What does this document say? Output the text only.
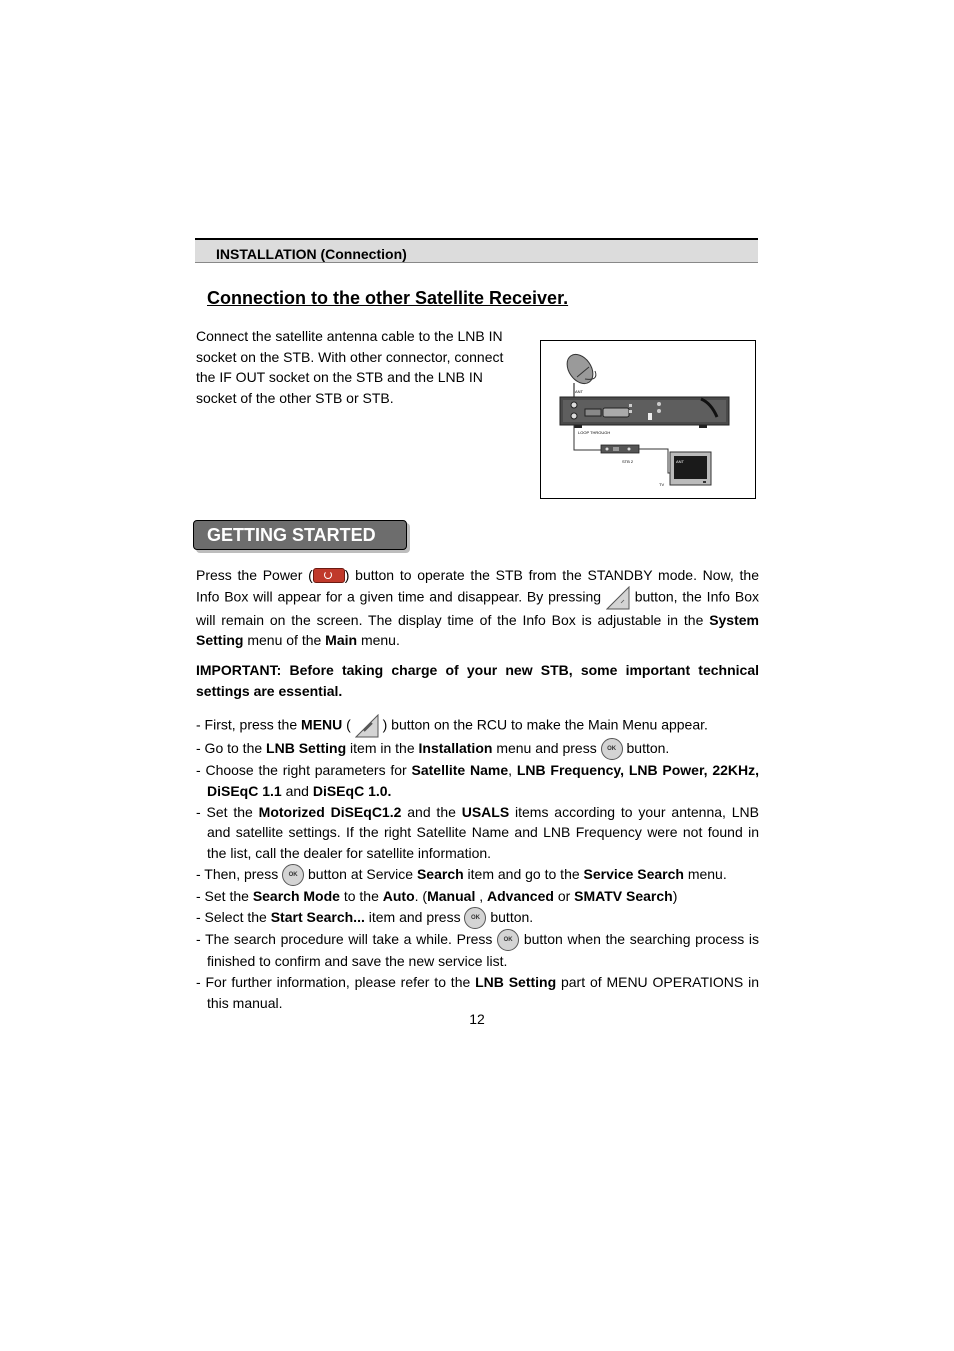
INSTALLATION (Connection)
Connection to the other Satellite Receiver.

Connect the satellite antenna cable to the LNB IN socket on the STB. With other connector, connect the IF OUT socket on the STB and the LNB IN socket of the other STB or STB.	ANT
LOOP THROUGH
STB 2	ANT
TV
GETTING STARTED

Press the Power ( ) button to operate the STB from the STANDBY mode. Now, the Info Box will appear for a given time and disappear. By pressing  button, the Info Box will remain on the screen. The display time of the Info Box is adjustable in the System Setting menu of the Main menu.

IMPORTANT: Before taking charge of your new STB, some important technical settings are essential.

- First, press the MENU (  ) button on the RCU to make the Main Menu appear.
- Go to the LNB Setting item in the Installation menu and press OK button.
- Choose the right parameters for Satellite Name, LNB Frequency, LNB Power, 22KHz, DiSEqC 1.1 and DiSEqC 1.0.
- Set the Motorized DiSEqC1.2 and the USALS items according to your antenna, LNB and satellite settings. If the right Satellite Name and LNB Frequency were not found in the list, call the dealer for satellite information.
- Then, press OK button at Service Search item and go to the Service Search menu.
- Set the Search Mode to the Auto. (Manual , Advanced or SMATV Search)
- Select the Start Search... item and press OK button.
- The search procedure will take a while. Press OK button when the searching process is finished to confirm and save the new service list.
- For further information, please refer to the LNB Setting part of MENU OPERATIONS in this manual.
12
